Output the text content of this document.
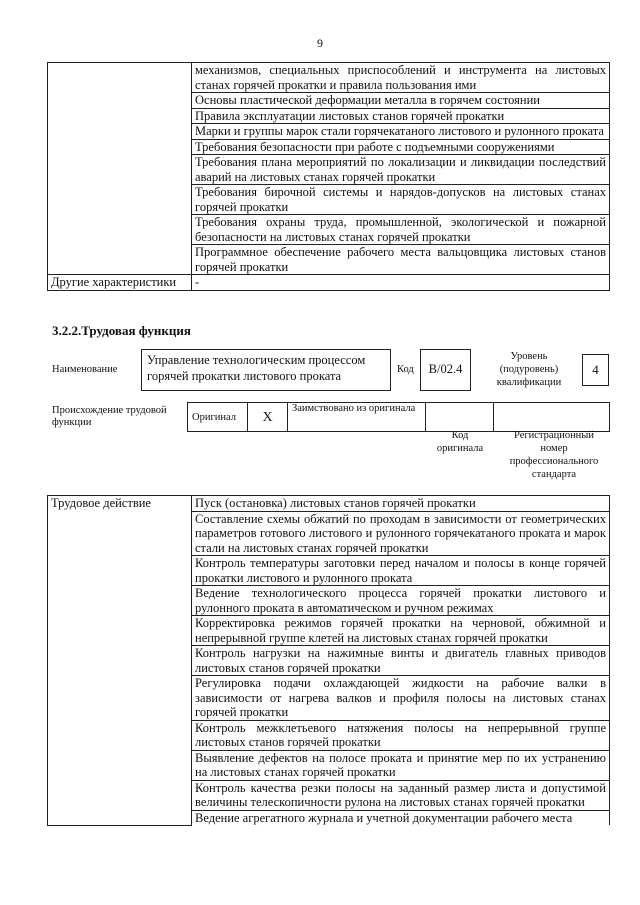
9
	механизмов, специальных приспособлений и инструмента на листовых станах горячей прокатки и правила пользования ими
	Основы пластической деформации металла в горячем состоянии
	Правила эксплуатации листовых станов горячей прокатки
	Марки и группы марок стали горячекатаного листового и рулонного проката
	Требования безопасности при работе с подъемными сооружениями
	Требования плана мероприятий по локализации и ликвидации последствий аварий на листовых станах горячей прокатки
	Требования бирочной системы и нарядов-допусков на листовых станах горячей прокатки
	Требования охраны труда, промышленной, экологической и пожарной безопасности на листовых станах горячей прокатки
	Программное обеспечение рабочего места вальцовщика листовых станов горячей прокатки
Другие характеристики	-
3.2.2.Трудовая функция
Наименование
Управление технологическим процессом горячей прокатки листового проката	Код	В/02.4
Уровень (подуровень) квалификации
4
Происхождение трудовой функции	Оригинал	X	Заимствовано из оригинала		
Код оригинала
Регистрационный номер профессионального стандарта
Трудовое действие	Пуск (остановка) листовых станов горячей прокатки
Составление схемы обжатий по проходам в зависимости от геометрических параметров готового листового и рулонного горячекатаного проката и марок стали на листовых станах горячей прокатки
Контроль температуры заготовки перед началом и полосы в конце горячей прокатки листового и рулонного проката
Ведение технологического процесса горячей прокатки листового и рулонного проката в автоматическом и ручном режимах
Корректировка режимов горячей прокатки на черновой, обжимной и непрерывной группе клетей на листовых станах горячей прокатки
Контроль нагрузки на нажимные винты и двигатель главных приводов листовых станов горячей прокатки
Регулировка подачи охлаждающей жидкости на рабочие валки в зависимости от нагрева валков и профиля полосы на листовых станах горячей прокатки
Контроль межклетьевого натяжения полосы на непрерывной группе листовых станов горячей прокатки
Выявление дефектов на полосе проката и принятие мер по их устранению на листовых станах горячей прокатки
Контроль качества резки полосы на заданный размер листа и допустимой величины телескопичности рулона на листовых станах горячей прокатки
Ведение агрегатного журнала и учетной документации рабочего места
